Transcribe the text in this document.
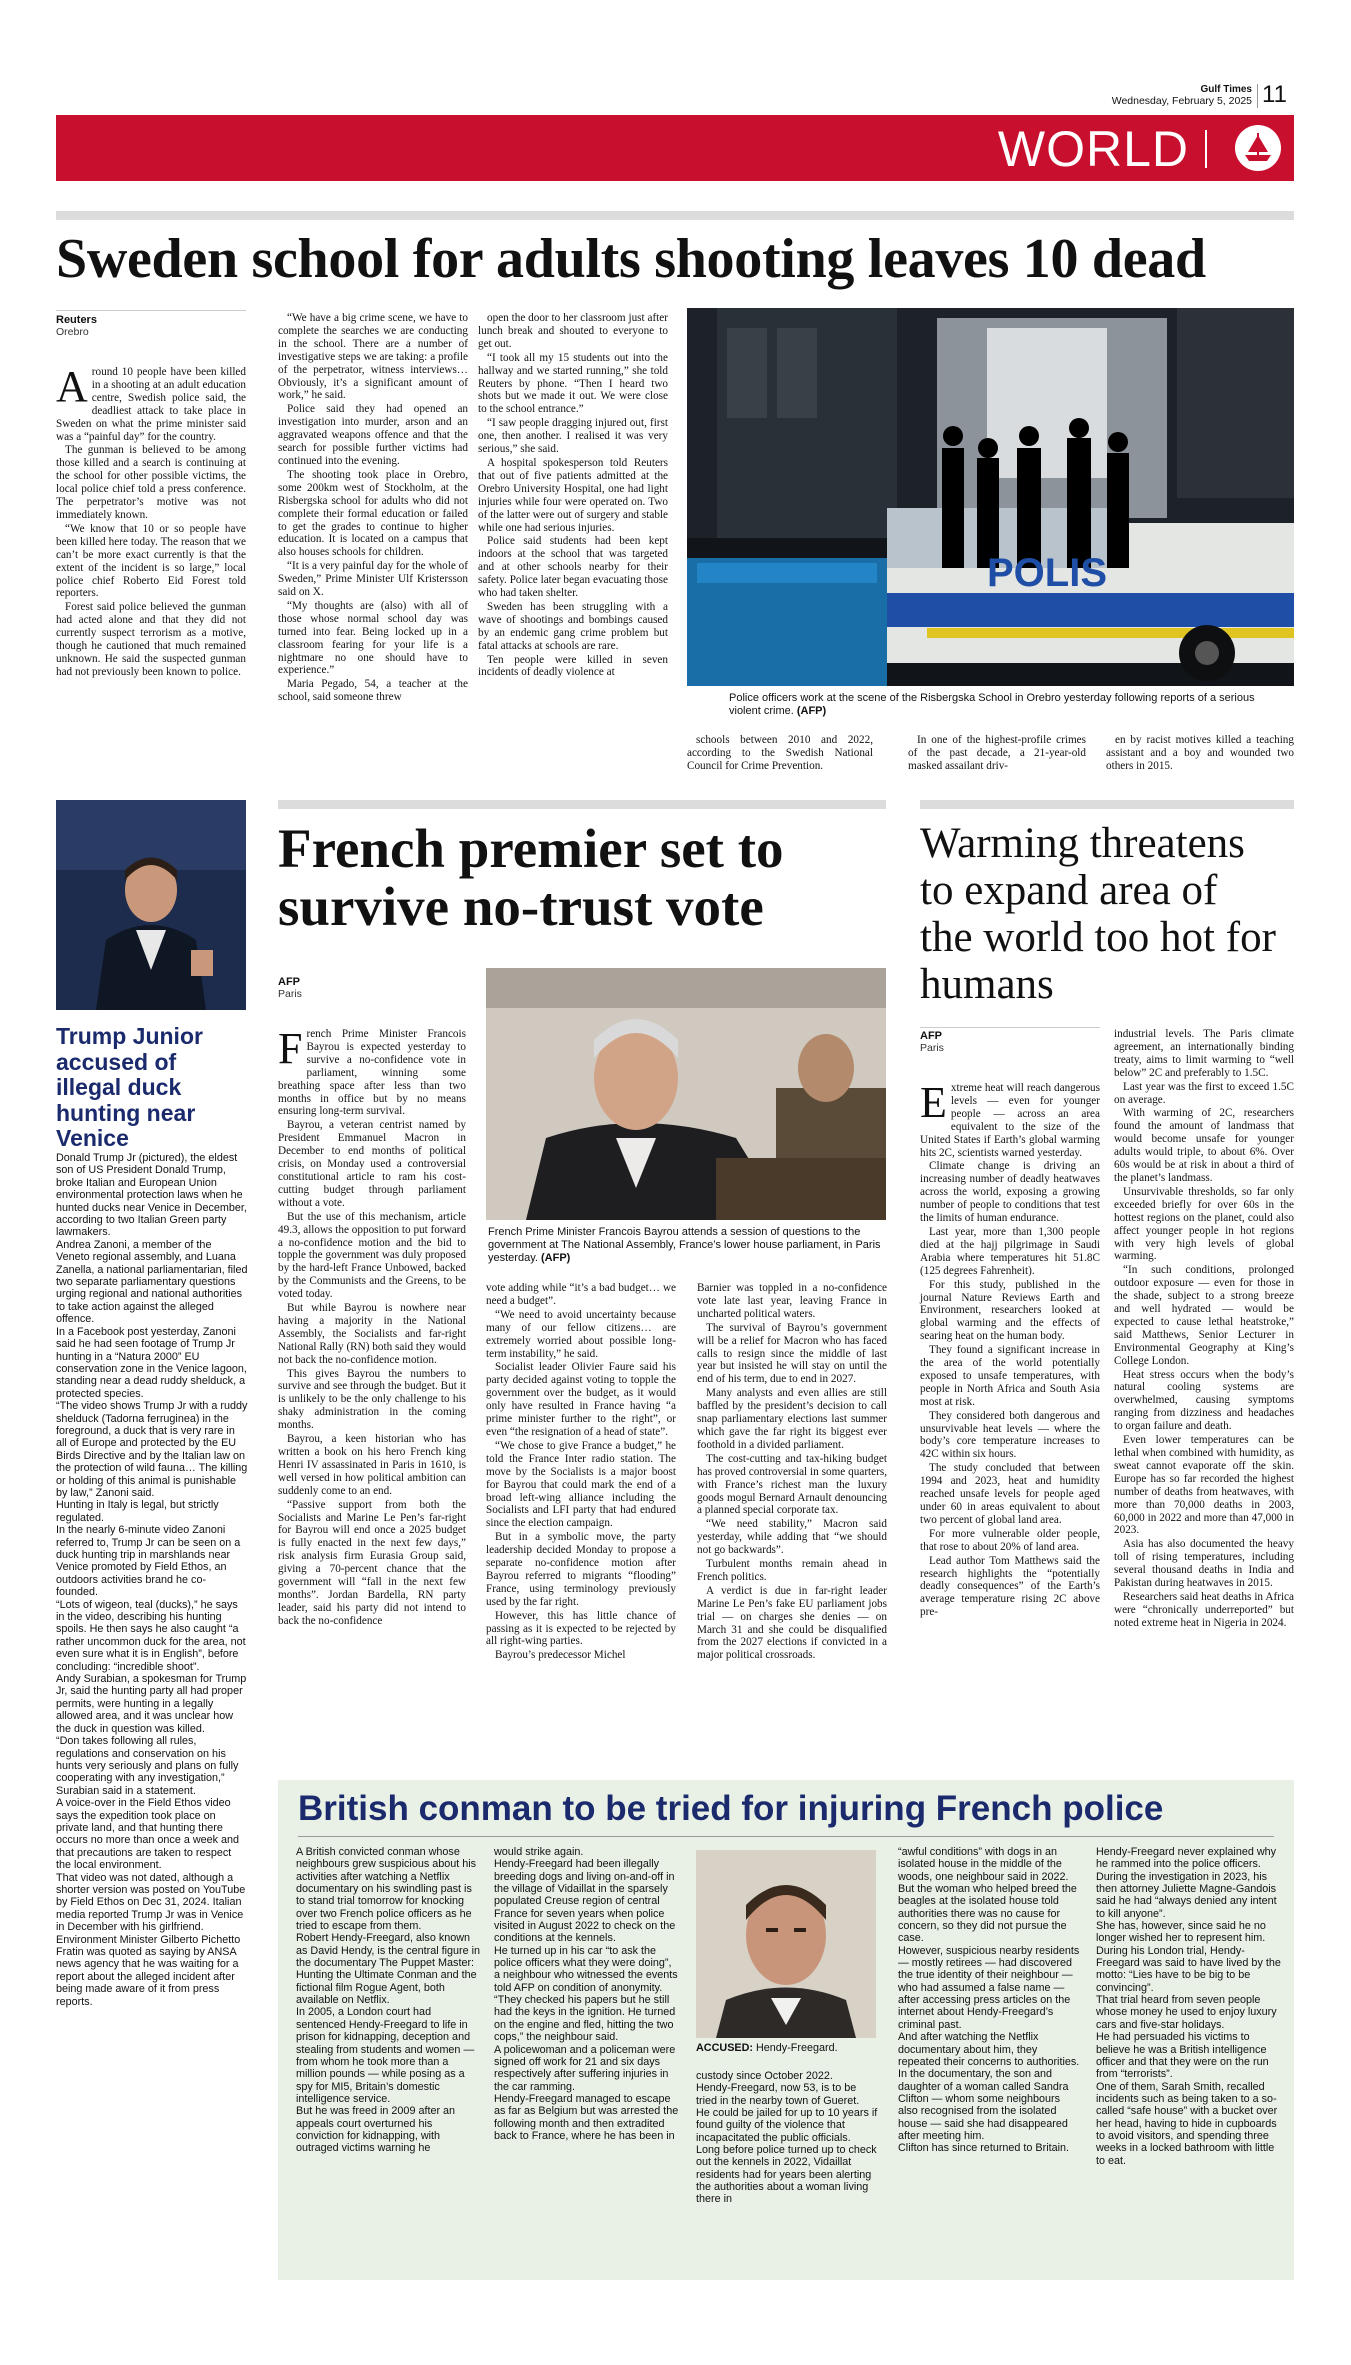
Gulf Times
Wednesday, February 5, 2025 11
WORLD
Sweden school for adults shooting leaves 10 dead
Reuters
Orebro

Around 10 people have been killed in a shooting at an adult education centre, Swedish police said, the deadliest attack to take place in Sweden on what the prime minister said was a “painful day” for the country.

The gunman is believed to be among those killed and a search is continuing at the school for other possible victims, the local police chief told a press conference. The perpetrator’s motive was not immediately known.

“We know that 10 or so people have been killed here today. The reason that we can’t be more exact currently is that the extent of the incident is so large,” local police chief Roberto Eid Forest told reporters.

Forest said police believed the gunman had acted alone and that they did not currently suspect terrorism as a motive, though he cautioned that much remained unknown. He said the suspected gunman had not previously been known to police.

“We have a big crime scene, we have to complete the searches we are conducting in the school. There are a number of investigative steps we are taking: a profile of the perpetrator, witness interviews… Obviously, it’s a significant amount of work,” he said.

Police said they had opened an investigation into murder, arson and an aggravated weapons offence and that the search for possible further victims had continued into the evening.

The shooting took place in Orebro, some 200km west of Stockholm, at the Risbergska school for adults who did not complete their formal education or failed to get the grades to continue to higher education. It is located on a campus that also houses schools for children.

“It is a very painful day for the whole of Sweden,” Prime Minister Ulf Kristersson said on X.

“My thoughts are (also) with all of those whose normal school day was turned into fear. Being locked up in a classroom fearing for your life is a nightmare no one should have to experience.”

Maria Pegado, 54, a teacher at the school, said someone threw

open the door to her classroom just after lunch break and shouted to everyone to get out.

“I took all my 15 students out into the hallway and we started running,” she told Reuters by phone. “Then I heard two shots but we made it out. We were close to the school entrance.”

“I saw people dragging injured out, first one, then another. I realised it was very serious,” she said.

A hospital spokesperson told Reuters that out of five patients admitted at the Orebro University Hospital, one had light injuries while four were operated on. Two of the latter were out of surgery and stable while one had serious injuries.

Police said students had been kept indoors at the school that was targeted and at other schools nearby for their safety. Police later began evacuating those who had taken shelter.

Sweden has been struggling with a wave of shootings and bombings caused by an endemic gang crime problem but fatal attacks at schools are rare.

Ten people were killed in seven incidents of deadly violence at

POLIS
Police officers work at the scene of the Risbergska School in Orebro yesterday following reports of a serious violent crime. (AFP)

schools between 2010 and 2022, according to the Swedish National Council for Crime Prevention.

In one of the highest-profile crimes of the past decade, a 21-year-old masked assailant driv-

en by racist motives killed a teaching assistant and a boy and wounded two others in 2015.

Trump Junior accused of illegal duck hunting near Venice

Donald Trump Jr (pictured), the eldest son of US President Donald Trump, broke Italian and European Union environmental protection laws when he hunted ducks near Venice in December, according to two Italian Green party lawmakers.

Andrea Zanoni, a member of the Veneto regional assembly, and Luana Zanella, a national parliamentarian, filed two separate parliamentary questions urging regional and national authorities to take action against the alleged offence.

In a Facebook post yesterday, Zanoni said he had seen footage of Trump Jr hunting in a “Natura 2000” EU conservation zone in the Venice lagoon, standing near a dead ruddy shelduck, a protected species.

“The video shows Trump Jr with a ruddy shelduck (Tadorna ferruginea) in the foreground, a duck that is very rare in all of Europe and protected by the EU Birds Directive and by the Italian law on the protection of wild fauna… The killing or holding of this animal is punishable by law,” Zanoni said.

Hunting in Italy is legal, but strictly regulated.

In the nearly 6-minute video Zanoni referred to, Trump Jr can be seen on a duck hunting trip in marshlands near Venice promoted by Field Ethos, an outdoors activities brand he co-founded.

“Lots of wigeon, teal (ducks),” he says in the video, describing his hunting spoils. He then says he also caught “a rather uncommon duck for the area, not even sure what it is in English”, before concluding: “incredible shoot”.

Andy Surabian, a spokesman for Trump Jr, said the hunting party all had proper permits, were hunting in a legally allowed area, and it was unclear how the duck in question was killed.

“Don takes following all rules, regulations and conservation on his hunts very seriously and plans on fully cooperating with any investigation,” Surabian said in a statement.

A voice-over in the Field Ethos video says the expedition took place on private land, and that hunting there occurs no more than once a week and that precautions are taken to respect the local environment.

That video was not dated, although a shorter version was posted on YouTube by Field Ethos on Dec 31, 2024. Italian media reported Trump Jr was in Venice in December with his girlfriend.

Environment Minister Gilberto Pichetto Fratin was quoted as saying by ANSA news agency that he was waiting for a report about the alleged incident after being made aware of it from press reports.

French premier set to survive no-trust vote
AFP
Paris

French Prime Minister Francois Bayrou is expected yesterday to survive a no-confidence vote in parliament, winning some breathing space after less than two months in office but by no means ensuring long-term survival.

Bayrou, a veteran centrist named by President Emmanuel Macron in December to end months of political crisis, on Monday used a controversial constitutional article to ram his cost-cutting budget through parliament without a vote.

But the use of this mechanism, article 49.3, allows the opposition to put forward a no-confidence motion and the bid to topple the government was duly proposed by the hard-left France Unbowed, backed by the Communists and the Greens, to be voted today.

But while Bayrou is nowhere near having a majority in the National Assembly, the Socialists and far-right National Rally (RN) both said they would not back the no-confidence motion.

This gives Bayrou the numbers to survive and see through the budget. But it is unlikely to be the only challenge to his shaky administration in the coming months.

Bayrou, a keen historian who has written a book on his hero French king Henri IV assassinated in Paris in 1610, is well versed in how political ambition can suddenly come to an end.

“Passive support from both the Socialists and Marine Le Pen’s far-right for Bayrou will end once a 2025 budget is fully enacted in the next few days,” risk analysis firm Eurasia Group said, giving a 70-percent chance that the government will “fall in the next few months”. Jordan Bardella, RN party leader, said his party did not intend to back the no-confidence

French Prime Minister Francois Bayrou attends a session of questions to the government at The National Assembly, France’s lower house parliament, in Paris yesterday. (AFP)

vote adding while “it’s a bad budget… we need a budget”.

“We need to avoid uncertainty because many of our fellow citizens… are extremely worried about possible long-term instability,” he said.

Socialist leader Olivier Faure said his party decided against voting to topple the government over the budget, as it would only have resulted in France having “a prime minister further to the right”, or even “the resignation of a head of state”.

“We chose to give France a budget,” he told the France Inter radio station. The move by the Socialists is a major boost for Bayrou that could mark the end of a broad left-wing alliance including the Socialists and LFI party that had endured since the election campaign.

But in a symbolic move, the party leadership decided Monday to propose a separate no-confidence motion after Bayrou referred to migrants “flooding” France, using terminology previously used by the far right.

However, this has little chance of passing as it is expected to be rejected by all right-wing parties.

Bayrou’s predecessor Michel

Barnier was toppled in a no-confidence vote late last year, leaving France in uncharted political waters.

The survival of Bayrou’s government will be a relief for Macron who has faced calls to resign since the middle of last year but insisted he will stay on until the end of his term, due to end in 2027.

Many analysts and even allies are still baffled by the president’s decision to call snap parliamentary elections last summer which gave the far right its biggest ever foothold in a divided parliament.

The cost-cutting and tax-hiking budget has proved controversial in some quarters, with France’s richest man the luxury goods mogul Bernard Arnault denouncing a planned special corporate tax.

“We need stability,” Macron said yesterday, while adding that “we should not go backwards”.

Turbulent months remain ahead in French politics.

A verdict is due in far-right leader Marine Le Pen’s fake EU parliament jobs trial — on charges she denies — on March 31 and she could be disqualified from the 2027 elections if convicted in a major political crossroads.

Warming threatens to expand area of the world too hot for humans
AFP
Paris

Extreme heat will reach dangerous levels — even for younger people — across an area equivalent to the size of the United States if Earth’s global warming hits 2C, scientists warned yesterday.

Climate change is driving an increasing number of deadly heatwaves across the world, exposing a growing number of people to conditions that test the limits of human endurance.

Last year, more than 1,300 people died at the hajj pilgrimage in Saudi Arabia where temperatures hit 51.8C (125 degrees Fahrenheit).

For this study, published in the journal Nature Reviews Earth and Environment, researchers looked at global warming and the effects of searing heat on the human body.

They found a significant increase in the area of the world potentially exposed to unsafe temperatures, with people in North Africa and South Asia most at risk.

They considered both dangerous and unsurvivable heat levels — where the body’s core temperature increases to 42C within six hours.

The study concluded that between 1994 and 2023, heat and humidity reached unsafe levels for people aged under 60 in areas equivalent to about two percent of global land area.

For more vulnerable older people, that rose to about 20% of land area.

Lead author Tom Matthews said the research highlights the “potentially deadly consequences” of the Earth’s average temperature rising 2C above pre-

industrial levels. The Paris climate agreement, an internationally binding treaty, aims to limit warming to “well below” 2C and preferably to 1.5C.

Last year was the first to exceed 1.5C on average.

With warming of 2C, researchers found the amount of landmass that would become unsafe for younger adults would triple, to about 6%. Over 60s would be at risk in about a third of the planet’s landmass.

Unsurvivable thresholds, so far only exceeded briefly for over 60s in the hottest regions on the planet, could also affect younger people in hot regions with very high levels of global warming.

“In such conditions, prolonged outdoor exposure — even for those in the shade, subject to a strong breeze and well hydrated — would be expected to cause lethal heatstroke,” said Matthews, Senior Lecturer in Environmental Geography at King’s College London.

Heat stress occurs when the body’s natural cooling systems are overwhelmed, causing symptoms ranging from dizziness and headaches to organ failure and death.

Even lower temperatures can be lethal when combined with humidity, as sweat cannot evaporate off the skin. Europe has so far recorded the highest number of deaths from heatwaves, with more than 70,000 deaths in 2003, 60,000 in 2022 and more than 47,000 in 2023.

Asia has also documented the heavy toll of rising temperatures, including several thousand deaths in India and Pakistan during heatwaves in 2015.

Researchers said heat deaths in Africa were “chronically underreported” but noted extreme heat in Nigeria in 2024.

British conman to be tried for injuring French police

A British convicted conman whose neighbours grew suspicious about his activities after watching a Netflix documentary on his swindling past is to stand trial tomorrow for knocking over two French police officers as he tried to escape from them.

Robert Hendy-Freegard, also known as David Hendy, is the central figure in the documentary The Puppet Master: Hunting the Ultimate Conman and the fictional film Rogue Agent, both available on Netflix.

In 2005, a London court had sentenced Hendy-Freegard to life in prison for kidnapping, deception and stealing from students and women — from whom he took more than a million pounds — while posing as a spy for MI5, Britain’s domestic intelligence service.

But he was freed in 2009 after an appeals court overturned his conviction for kidnapping, with outraged victims warning he

would strike again.

Hendy-Freegard had been illegally breeding dogs and living on-and-off in the village of Vidaillat in the sparsely populated Creuse region of central France for seven years when police visited in August 2022 to check on the conditions at the kennels.

He turned up in his car “to ask the police officers what they were doing”, a neighbour who witnessed the events told AFP on condition of anonymity.

“They checked his papers but he still had the keys in the ignition. He turned on the engine and fled, hitting the two cops,” the neighbour said.

A policewoman and a policeman were signed off work for 21 and six days respectively after suffering injuries in the car ramming.

Hendy-Freegard managed to escape as far as Belgium but was arrested the following month and then extradited back to France, where he has been in

ACCUSED: Hendy-Freegard.

custody since October 2022.

Hendy-Freegard, now 53, is to be tried in the nearby town of Gueret.

He could be jailed for up to 10 years if found guilty of the violence that incapacitated the public officials.

Long before police turned up to check out the kennels in 2022, Vidaillat residents had for years been alerting the authorities about a woman living there in

“awful conditions” with dogs in an isolated house in the middle of the woods, one neighbour said in 2022.

But the woman who helped breed the beagles at the isolated house told authorities there was no cause for concern, so they did not pursue the case.

However, suspicious nearby residents — mostly retirees — had discovered the true identity of their neighbour — who had assumed a false name — after accessing press articles on the internet about Hendy-Freegard’s criminal past.

And after watching the Netflix documentary about him, they repeated their concerns to authorities.

In the documentary, the son and daughter of a woman called Sandra Clifton — whom some neighbours also recognised from the isolated house — said she had disappeared after meeting him.

Clifton has since returned to Britain.

Hendy-Freegard never explained why he rammed into the police officers.

During the investigation in 2023, his then attorney Juliette Magne-Gandois said he had “always denied any intent to kill anyone”.

She has, however, since said he no longer wished her to represent him.

During his London trial, Hendy-Freegard was said to have lived by the motto: “Lies have to be big to be convincing”.

That trial heard from seven people whose money he used to enjoy luxury cars and five-star holidays.

He had persuaded his victims to believe he was a British intelligence officer and that they were on the run from “terrorists”.

One of them, Sarah Smith, recalled incidents such as being taken to a so-called “safe house” with a bucket over her head, having to hide in cupboards to avoid visitors, and spending three weeks in a locked bathroom with little to eat.
